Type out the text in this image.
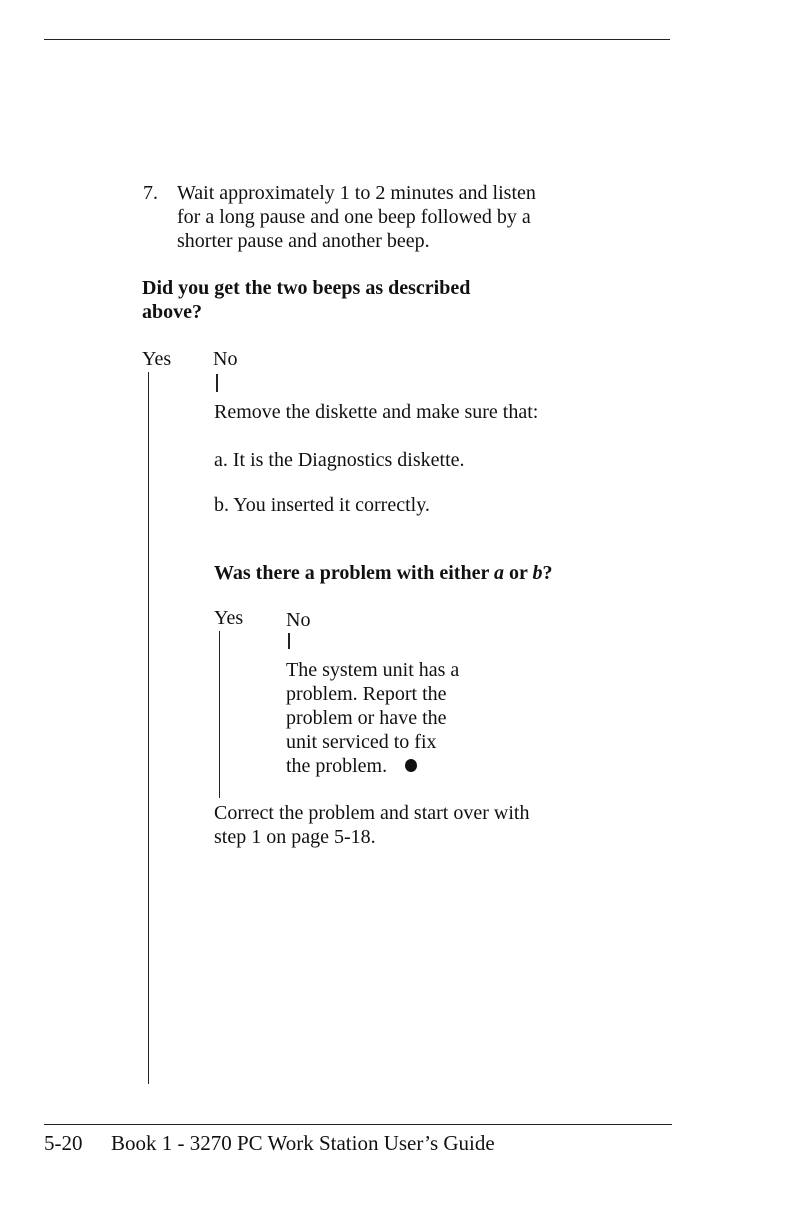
7. Wait approximately 1 to 2 minutes and listen
for a long pause and one beep followed by a
shorter pause and another beep.
Did you get the two beeps as described
above?
Yes No
Remove the diskette and make sure that:
a. It is the Diagnostics diskette.
b. You inserted it correctly.
Was there a problem with either a or b?
Yes No
The system unit has a
problem. Report the
problem or have the
unit serviced to fix
the problem.
Correct the problem and start over with
step 1 on page 5-18.
5-20 Book 1 - 3270 PC Work Station User’s Guide
